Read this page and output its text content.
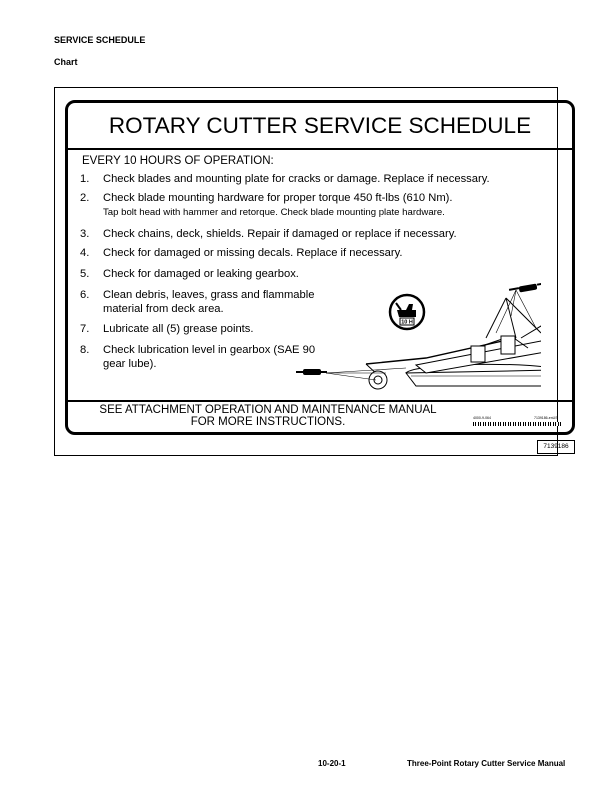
SERVICE SCHEDULE
Chart
ROTARY CUTTER SERVICE SCHEDULE
EVERY 10 HOURS OF OPERATION:
1. Check blades and mounting plate for cracks or damage. Replace if necessary.
2. Check blade mounting hardware for proper torque 450 ft-lbs (610 Nm).
Tap bolt head with hammer and retorque. Check blade mounting plate hardware.
3. Check chains, deck, shields. Repair if damaged or replace if necessary.
4. Check for damaged or missing decals. Replace if necessary.
5. Check for damaged or leaking gearbox.
6. Clean debris, leaves, grass and flammable
material from deck area.
7. Lubricate all (5) grease points.
8. Check lubrication level in gearbox (SAE 90
gear lube).
10 H
SEE ATTACHMENT OPERATION AND MAINTENANCE MANUAL
FOR MORE INSTRUCTIONS.	4000-9-064	7139186-enUS
7139186
10-20-1	Three-Point Rotary Cutter Service Manual
